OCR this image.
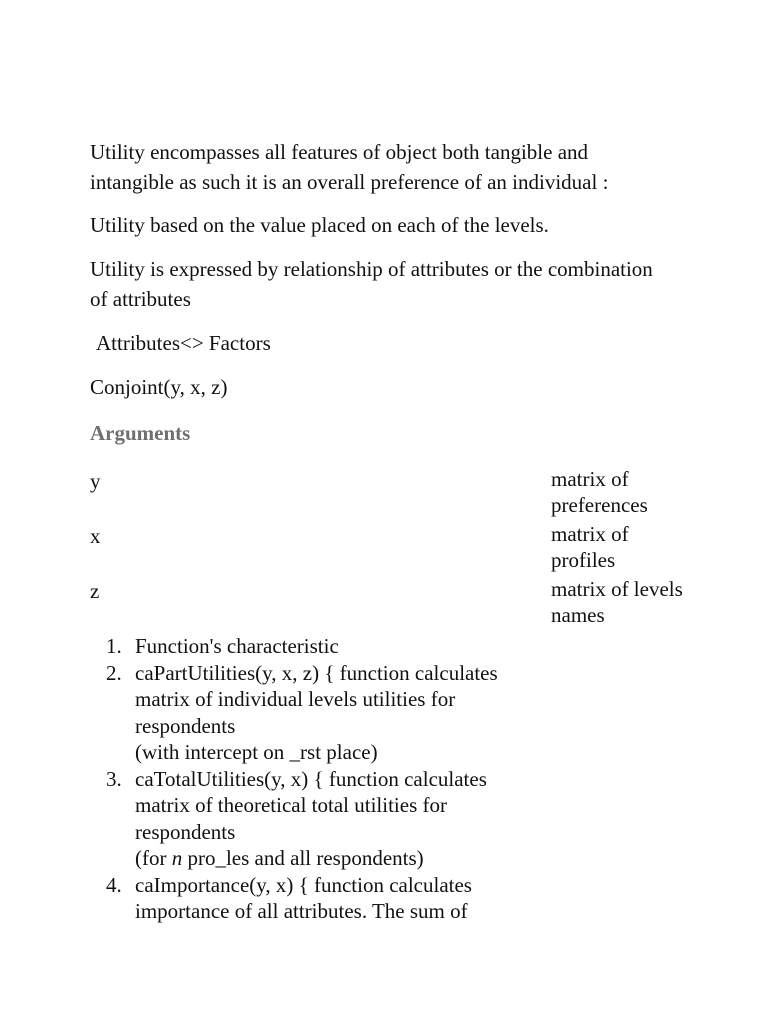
Utility encompasses all features of object both tangible and intangible as such it is an overall preference of an individual :

Utility based on the value placed on each of the levels.

Utility is expressed by relationship of attributes or the combination of attributes

Attributes<> Factors

Conjoint(y, x, z)

Arguments
y	matrix of preferences
x	matrix of profiles
z	matrix of levels names
1. Function's characteristic
2. caPartUtilities(y, x, z) { function calculates matrix of individual levels utilities for respondents
(with intercept on _rst place)
3. caTotalUtilities(y, x) { function calculates matrix of theoretical total utilities for respondents
(for n pro_les and all respondents)
4. caImportance(y, x) { function calculates importance of all attributes. The sum of
